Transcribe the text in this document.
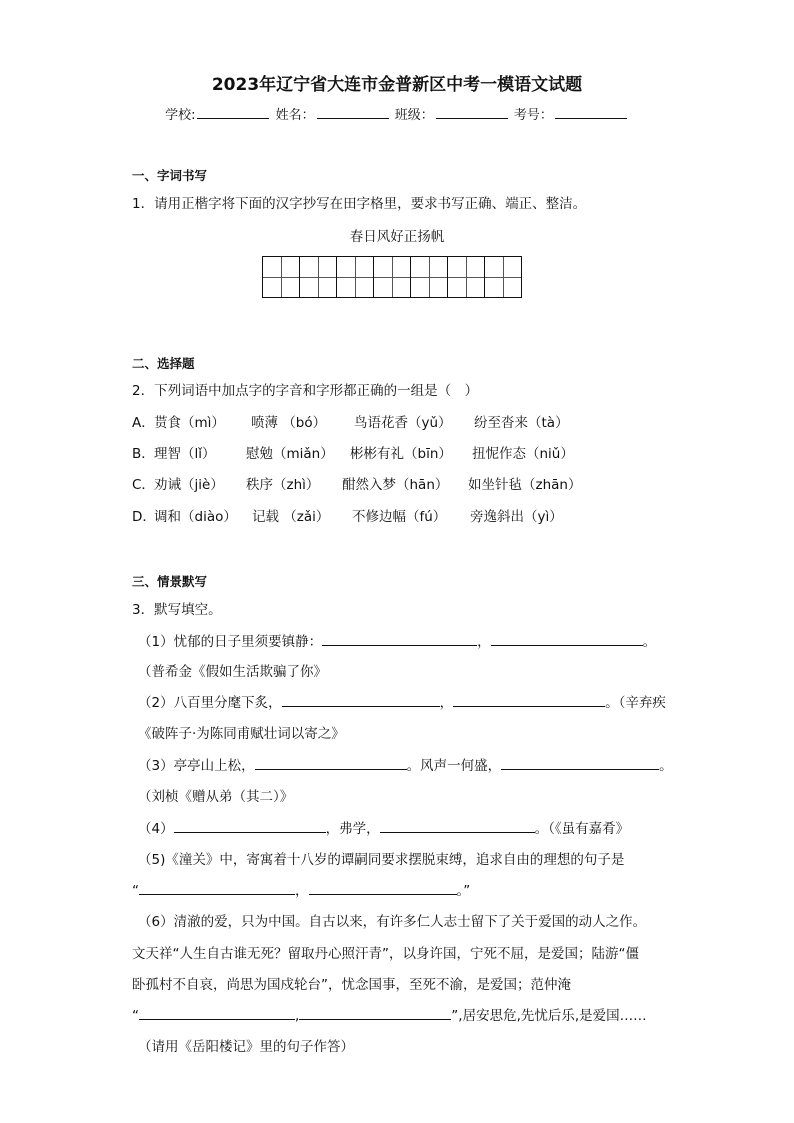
2023年辽宁省大连市金普新区中考一模语文试题
学校:	姓名：	班级：	考号：
一、字词书写
1．请用正楷字将下面的汉字抄写在田字格里，要求书写正确、端正、整洁。
春日风好正扬帆
二、选择题
2．下列词语中加点字的字音和字形都正确的一组是（　）
A．贳食（mì） 喷薄 （bó） 鸟语花香（yǔ） 纷至沓来（tà）
B．理智（lǐ） 慰勉（miǎn） 彬彬有礼（bīn） 扭怩作态（niǔ）
C．劝诫（jiè） 秩序（zhì） 酣然入梦（hān） 如坐针毡（zhān）
D．调和（diào） 记载 （zǎi） 不修边幅（fú） 旁逸斜出（yì）
三、情景默写
3．默写填空。
（1）忧郁的日子里须要镇静：	，	。
（普希金《假如生活欺骗了你》
（2）八百里分麾下炙，	，	。（辛弃疾
《破阵子·为陈同甫赋壮词以寄之》
（3）亭亭山上松，	。风声一何盛，	。
（刘桢《赠从弟（其二）》
（4）	，弗学，	。（《虽有嘉肴》
（5)《潼关》中，寄寓着十八岁的谭嗣同要求摆脱束缚，追求自由的理想的句子是
“	，	。”
（6）清澈的爱，只为中国。自古以来，有许多仁人志士留下了关于爱国的动人之作。
文天祥“人生自古谁无死？留取丹心照汗青”，以身许国，宁死不屈，是爱国；陆游“僵
卧孤村不自哀，尚思为国戍轮台”，忧念国事，至死不渝，是爱国；范仲淹
“	,	”,居安思危,先忧后乐,是爱国……
（请用《岳阳楼记》里的句子作答）
